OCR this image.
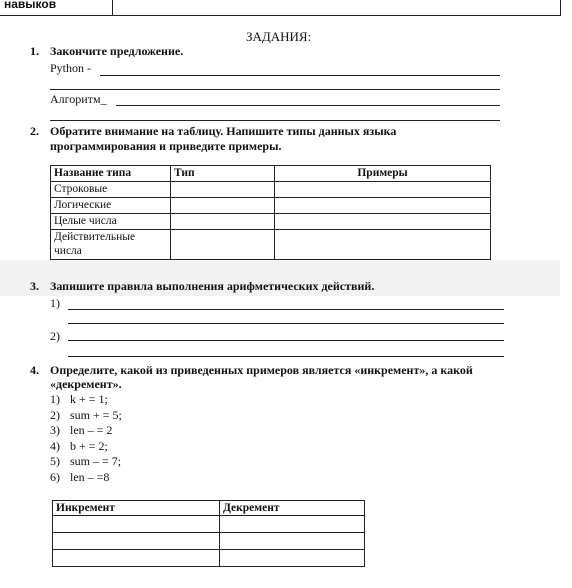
навыков
ЗАДАНИЯ:
1. Закончите предложение.
Python -
Алгоритм_
2. Обратите внимание на таблицу. Напишите типы данных языка
программирования и приведите примеры.
Название типа	Тип	Примеры
Строковые		
Логические		
Целые числа		

Действительные
числа		

3. Запишите правила выполнения арифметических действий.
1)
2)
4. Определите, какой из приведенных примеров является «инкремент», а какой
«декремент».
1) k + = 1;
2) sum + = 5;
3) len – = 2
4) b + = 2;
5) sum – = 7;
6) len – =8
Инкремент	Декремент
